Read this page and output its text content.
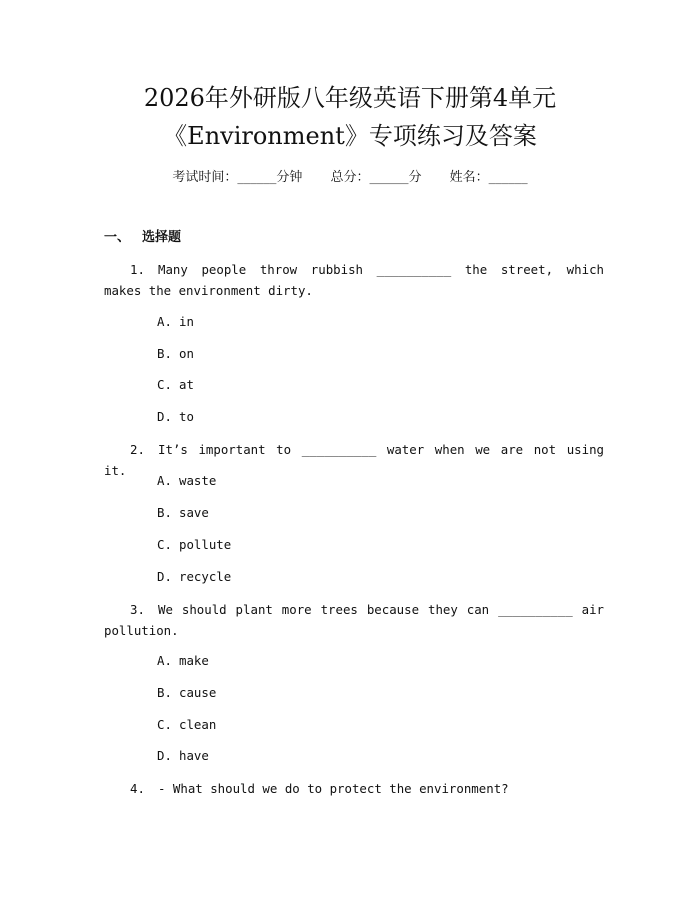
2026年外研版八年级英语下册第4单元
《Environment》专项练习及答案
考试时间：______分钟 总分：______分 姓名：______
一、 选择题
1. Many people throw rubbish __________ the street, which makes the environment dirty.
A. in
B. on
C. at
D. to
2. It’s important to __________ water when we are not using it.
A. waste
B. save
C. pollute
D. recycle
3. We should plant more trees because they can __________ air pollution.
A. make
B. cause
C. clean
D. have
4. - What should we do to protect the environment?
